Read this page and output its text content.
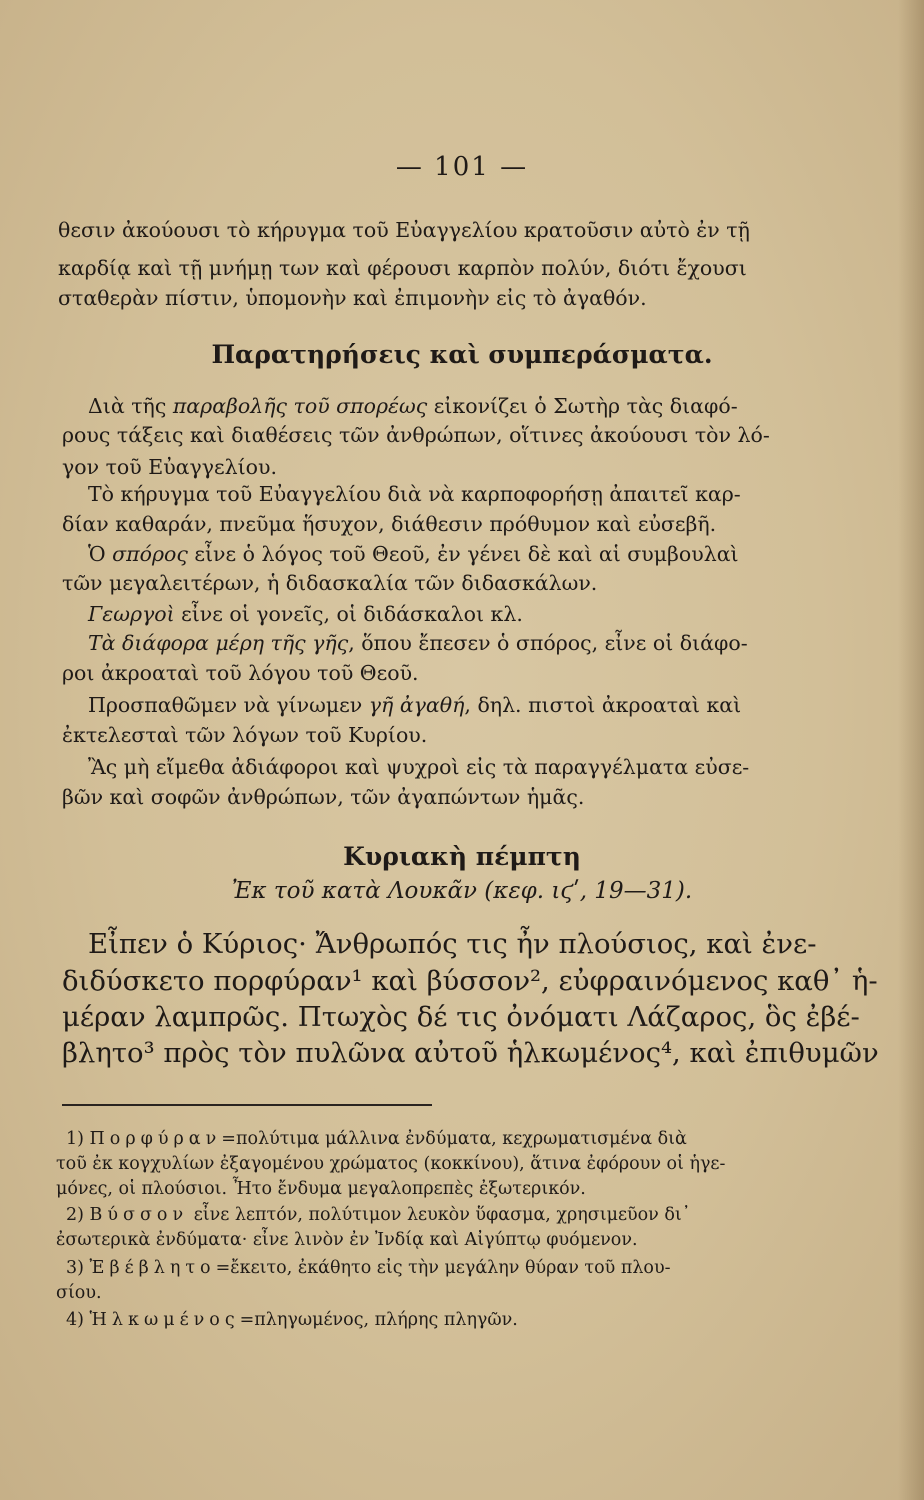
— 101 —
θεσιν ἀκούουσι τὸ κήρυγμα τοῦ Εὐαγγελίου κρατοῦσιν αὐτὸ ἐν τῇ
καρδίᾳ καὶ τῇ μνήμῃ των καὶ φέρουσι καρπὸν πολύν, διότι ἔχουσι
σταθερὰν πίστιν, ὑπομονὴν καὶ ἐπιμονὴν εἰς τὸ ἀγαθόν.
Παρατηρήσεις καὶ συμπεράσματα.
Διὰ τῆς παραβολῆς τοῦ σπορέως εἰκονίζει ὁ Σωτὴρ τὰς διαφό-
ρους τάξεις καὶ διαθέσεις τῶν ἀνθρώπων, οἵτινες ἀκούουσι τὸν λό-
γον τοῦ Εὐαγγελίου.
Τὸ κήρυγμα τοῦ Εὐαγγελίου διὰ νὰ καρποφορήσῃ ἀπαιτεῖ καρ-
δίαν καθαράν, πνεῦμα ἥσυχον, διάθεσιν πρόθυμον καὶ εὐσεβῆ.
Ὁ σπόρος εἶνε ὁ λόγος τοῦ Θεοῦ, ἐν γένει δὲ καὶ αἱ συμβουλαὶ
τῶν μεγαλειτέρων, ἡ διδασκαλία τῶν διδασκάλων.
Γεωργοὶ εἶνε οἱ γονεῖς, οἱ διδάσκαλοι κλ.
Τὰ διάφορα μέρη τῆς γῆς, ὅπου ἔπεσεν ὁ σπόρος, εἶνε οἱ διάφο-
ροι ἀκροαταὶ τοῦ λόγου τοῦ Θεοῦ.
Προσπαθῶμεν νὰ γίνωμεν γῆ ἀγαθή, δηλ. πιστοὶ ἀκροαταὶ καὶ
ἐκτελεσταὶ τῶν λόγων τοῦ Κυρίου.
Ἂς μὴ εἴμεθα ἀδιάφοροι καὶ ψυχροὶ εἰς τὰ παραγγέλματα εὐσε-
βῶν καὶ σοφῶν ἀνθρώπων, τῶν ἀγαπώντων ἡμᾶς.
Κυριακὴ πέμπτη
Ἐκ τοῦ κατὰ Λουκᾶν (κεφ. ιϛʹ, 19—31).
Εἶπεν ὁ Κύριος· Ἄνθρωπός τις ἦν πλούσιος, καὶ ἐνε-
διδύσκετο πορφύραν¹ καὶ βύσσον², εὐφραινόμενος καθ᾿ ἡ-
μέραν λαμπρῶς. Πτωχὸς δέ τις ὀνόματι Λάζαρος, ὃς ἐβέ-
βλητο³ πρὸς τὸν πυλῶνα αὐτοῦ ἡλκωμένος⁴, καὶ ἐπιθυμῶν
1) Πορφύραν=πολύτιμα μάλλινα ἐνδύματα, κεχρωματισμένα διὰ
τοῦ ἐκ κογχυλίων ἐξαγομένου χρώματος (κοκκίνου), ἅτινα ἐφόρουν οἱ ἡγε-
μόνες, οἱ πλούσιοι. Ἦτο ἔνδυμα μεγαλοπρεπὲς ἐξωτερικόν.
2) Βύσσον εἶνε λεπτόν, πολύτιμον λευκὸν ὕφασμα, χρησιμεῦον δι᾿
ἐσωτερικὰ ἐνδύματα· εἶνε λινὸν ἐν Ἰνδίᾳ καὶ Αἰγύπτῳ φυόμενον.
3) Ἐβέβλητο=ἔκειτο, ἐκάθητο εἰς τὴν μεγάλην θύραν τοῦ πλου-
σίου.
4) Ἡλκωμένος=πληγωμένος, πλήρης πληγῶν.
